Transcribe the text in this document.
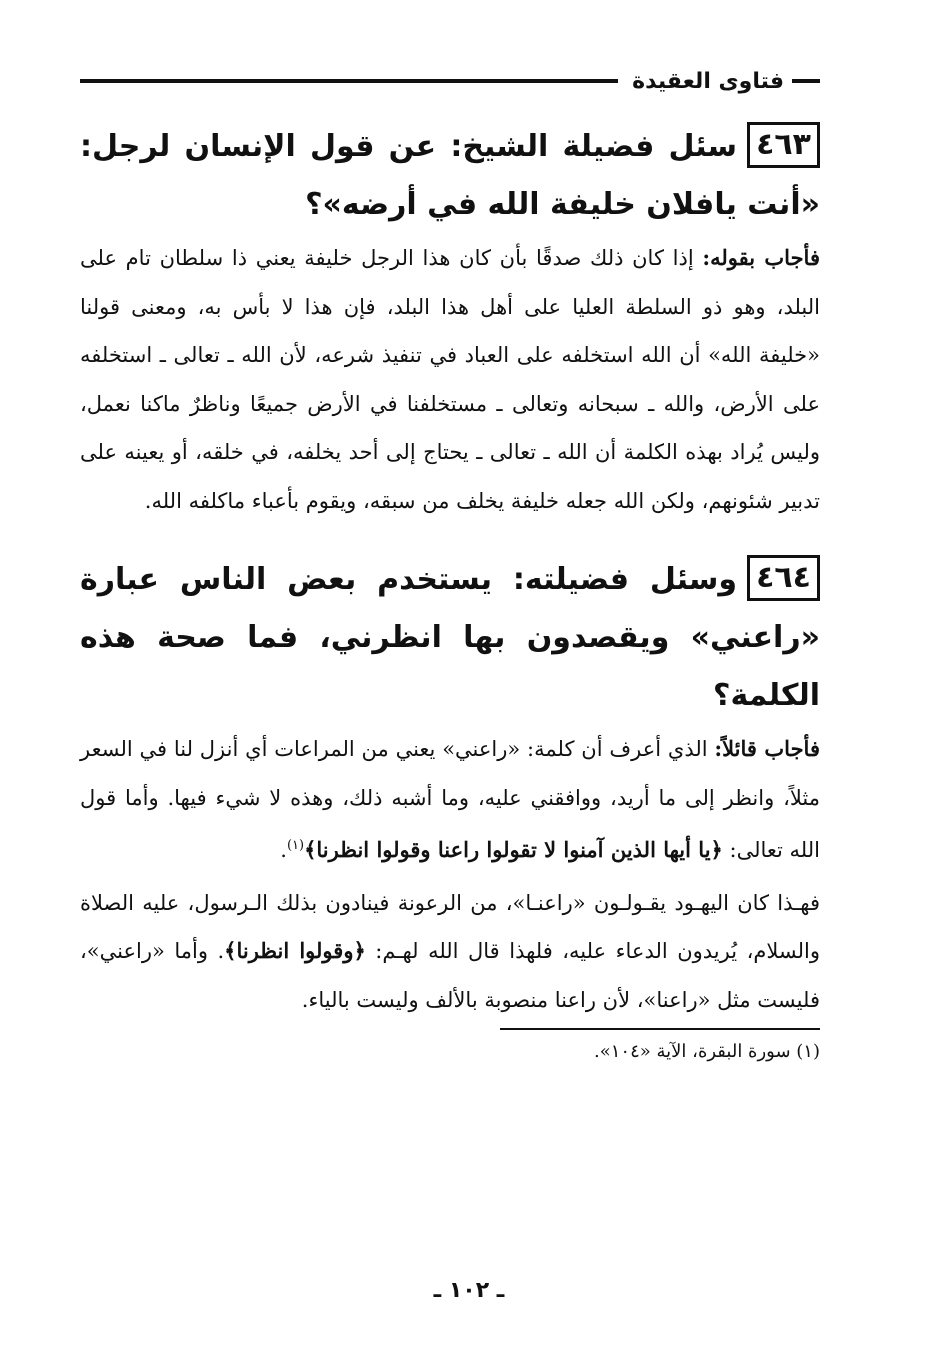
فتاوى العقيدة

٤٦٣سئل فضيلة الشيخ: عن قول الإنسان لرجل: «أنت يافلان خليفة الله في أرضه»؟

فأجاب بقوله: إذا كان ذلك صدقًا بأن كان هذا الرجل خليفة يعني ذا سلطان تام على البلد، وهو ذو السلطة العليا على أهل هذا البلد، فإن هذا لا بأس به، ومعنى قولنا «خليفة الله» أن الله استخلفه على العباد في تنفيذ شرعه، لأن الله ـ تعالى ـ استخلفه على الأرض، والله ـ سبحانه وتعالى ـ مستخلفنا في الأرض جميعًا وناظرٌ ماكنا نعمل، وليس يُراد بهذه الكلمة أن الله ـ تعالى ـ يحتاج إلى أحد يخلفه، في خلقه، أو يعينه على تدبير شئونهم، ولكن الله جعله خليفة يخلف من سبقه، ويقوم بأعباء ماكلفه الله.

٤٦٤وسئل فضيلته: يستخدم بعض الناس عبارة «راعني» ويقصدون بها انظرني، فما صحة هذه الكلمة؟

فأجاب قائلاً: الذي أعرف أن كلمة: «راعني» يعني من المراعات أي أنزل لنا في السعر مثلاً، وانظر إلى ما أريد، ووافقني عليه، وما أشبه ذلك، وهذه لا شيء فيها. وأما قول الله تعالى: ﴿يا أيها الذين آمنوا لا تقولوا راعنا وقولوا انظرنا﴾$^{(١)}$.

فهـذا كان اليهـود يقـولـون «راعنـا»، من الرعونة فينادون بذلك الـرسول، عليه الصلاة والسلام، يُريدون الدعاء عليه، فلهذا قال الله لهـم: ﴿وقولوا انظرنا﴾. وأما «راعني»، فليست مثل «راعنا»، لأن راعنا منصوبة بالألف وليست بالياء.

(١) سورة البقرة، الآية «١٠٤».

ـ ١٠٢ ـ
